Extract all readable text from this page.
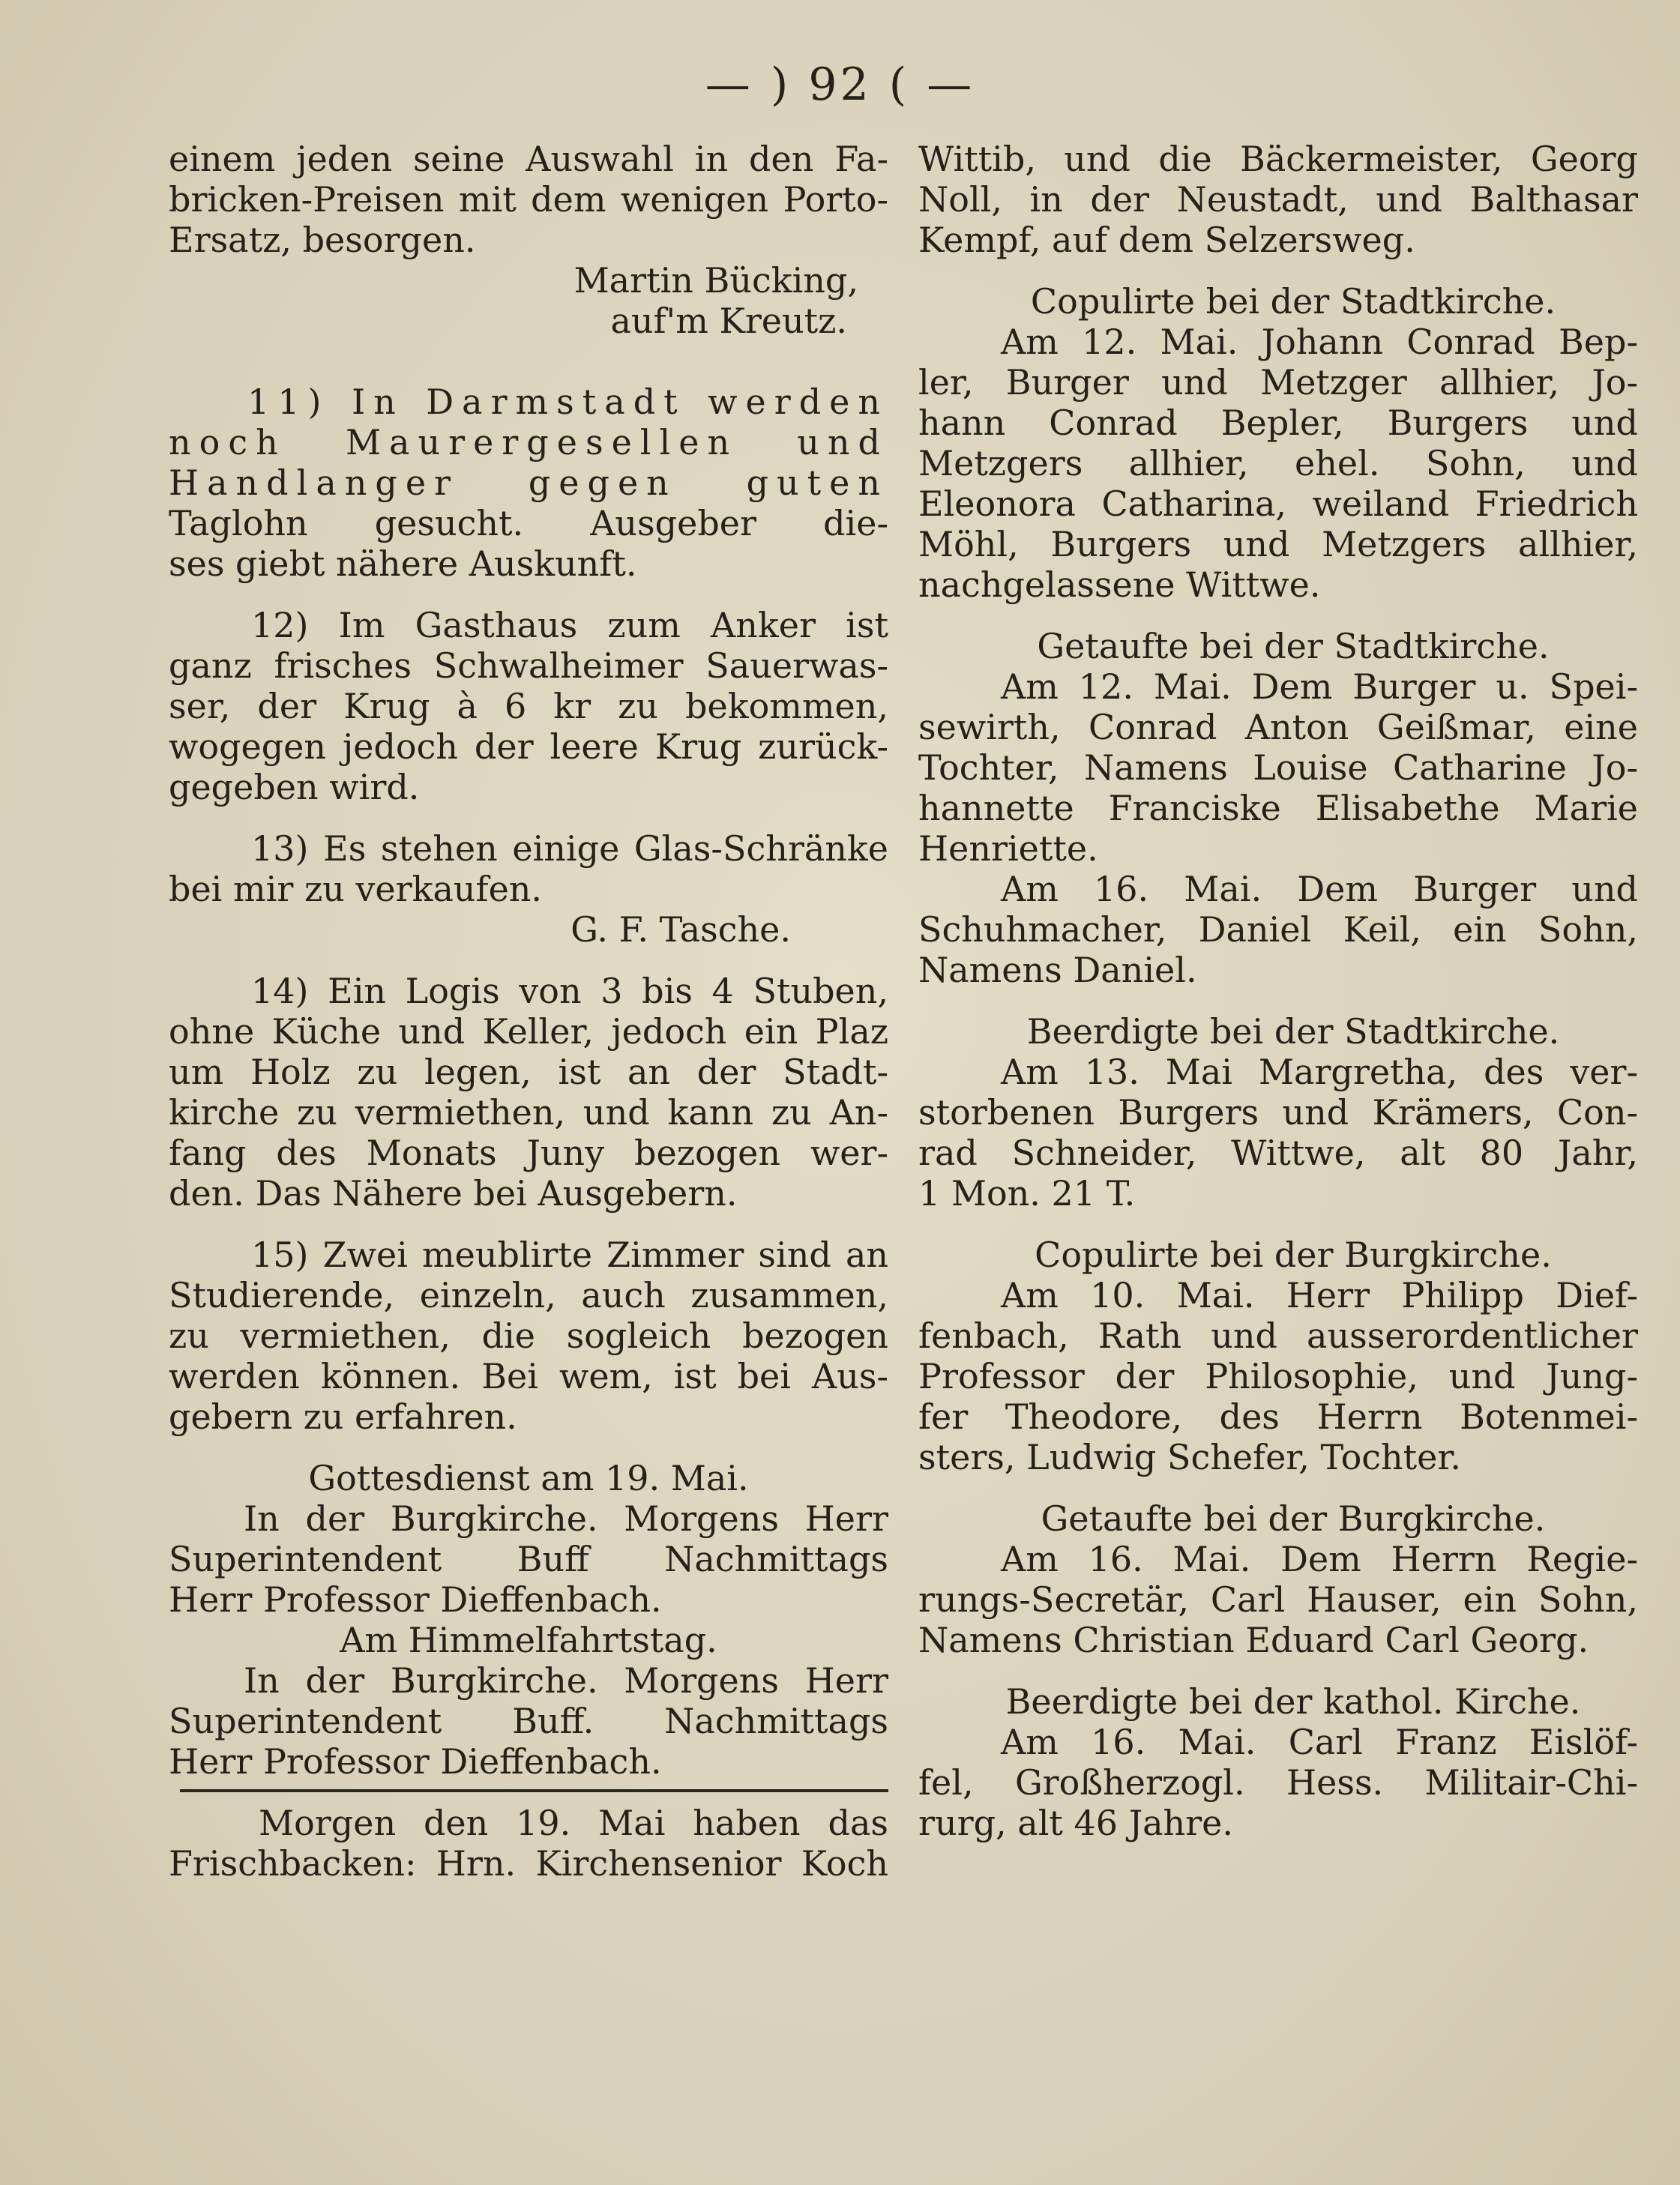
— ) 92 ( —
einem jeden seine Auswahl in den Fa-
bricken-Preisen mit dem wenigen Porto-
Ersatz, besorgen.
Martin Bücking,
auf'm Kreutz.
11) In Darmstadt werden
noch Maurergesellen und
Handlanger gegen guten
Taglohn gesucht. Ausgeber die-
ses giebt nähere Auskunft.
12) Im Gasthaus zum Anker ist
ganz frisches Schwalheimer Sauerwas-
ser, der Krug à 6 kr zu bekommen,
wogegen jedoch der leere Krug zurück-
gegeben wird.
13) Es stehen einige Glas-Schränke
bei mir zu verkaufen.
G. F. Tasche.
14) Ein Logis von 3 bis 4 Stuben,
ohne Küche und Keller, jedoch ein Plaz
um Holz zu legen, ist an der Stadt-
kirche zu vermiethen, und kann zu An-
fang des Monats Juny bezogen wer-
den. Das Nähere bei Ausgebern.
15) Zwei meublirte Zimmer sind an
Studierende, einzeln, auch zusammen,
zu vermiethen, die sogleich bezogen
werden können. Bei wem, ist bei Aus-
gebern zu erfahren.
Gottesdienst am 19. Mai.
In der Burgkirche. Morgens Herr
Superintendent Buff Nachmittags
Herr Professor Dieffenbach.
Am Himmelfahrtstag.
In der Burgkirche. Morgens Herr
Superintendent Buff. Nachmittags
Herr Professor Dieffenbach.
Morgen den 19. Mai haben das
Frischbacken: Hrn. Kirchensenior Koch
Wittib, und die Bäckermeister, Georg
Noll, in der Neustadt, und Balthasar
Kempf, auf dem Selzersweg.
Copulirte bei der Stadtkirche.
Am 12. Mai. Johann Conrad Bep-
ler, Burger und Metzger allhier, Jo-
hann Conrad Bepler, Burgers und
Metzgers allhier, ehel. Sohn, und
Eleonora Catharina, weiland Friedrich
Möhl, Burgers und Metzgers allhier,
nachgelassene Wittwe.
Getaufte bei der Stadtkirche.
Am 12. Mai. Dem Burger u. Spei-
sewirth, Conrad Anton Geißmar, eine
Tochter, Namens Louise Catharine Jo-
hannette Franciske Elisabethe Marie
Henriette.
Am 16. Mai. Dem Burger und
Schuhmacher, Daniel Keil, ein Sohn,
Namens Daniel.
Beerdigte bei der Stadtkirche.
Am 13. Mai Margretha, des ver-
storbenen Burgers und Krämers, Con-
rad Schneider, Wittwe, alt 80 Jahr,
1 Mon. 21 T.
Copulirte bei der Burgkirche.
Am 10. Mai. Herr Philipp Dief-
fenbach, Rath und ausserordentlicher
Professor der Philosophie, und Jung-
fer Theodore, des Herrn Botenmei-
sters, Ludwig Schefer, Tochter.
Getaufte bei der Burgkirche.
Am 16. Mai. Dem Herrn Regie-
rungs-Secretär, Carl Hauser, ein Sohn,
Namens Christian Eduard Carl Georg.
Beerdigte bei der kathol. Kirche.
Am 16. Mai. Carl Franz Eislöf-
fel, Großherzogl. Hess. Militair-Chi-
rurg, alt 46 Jahre.
